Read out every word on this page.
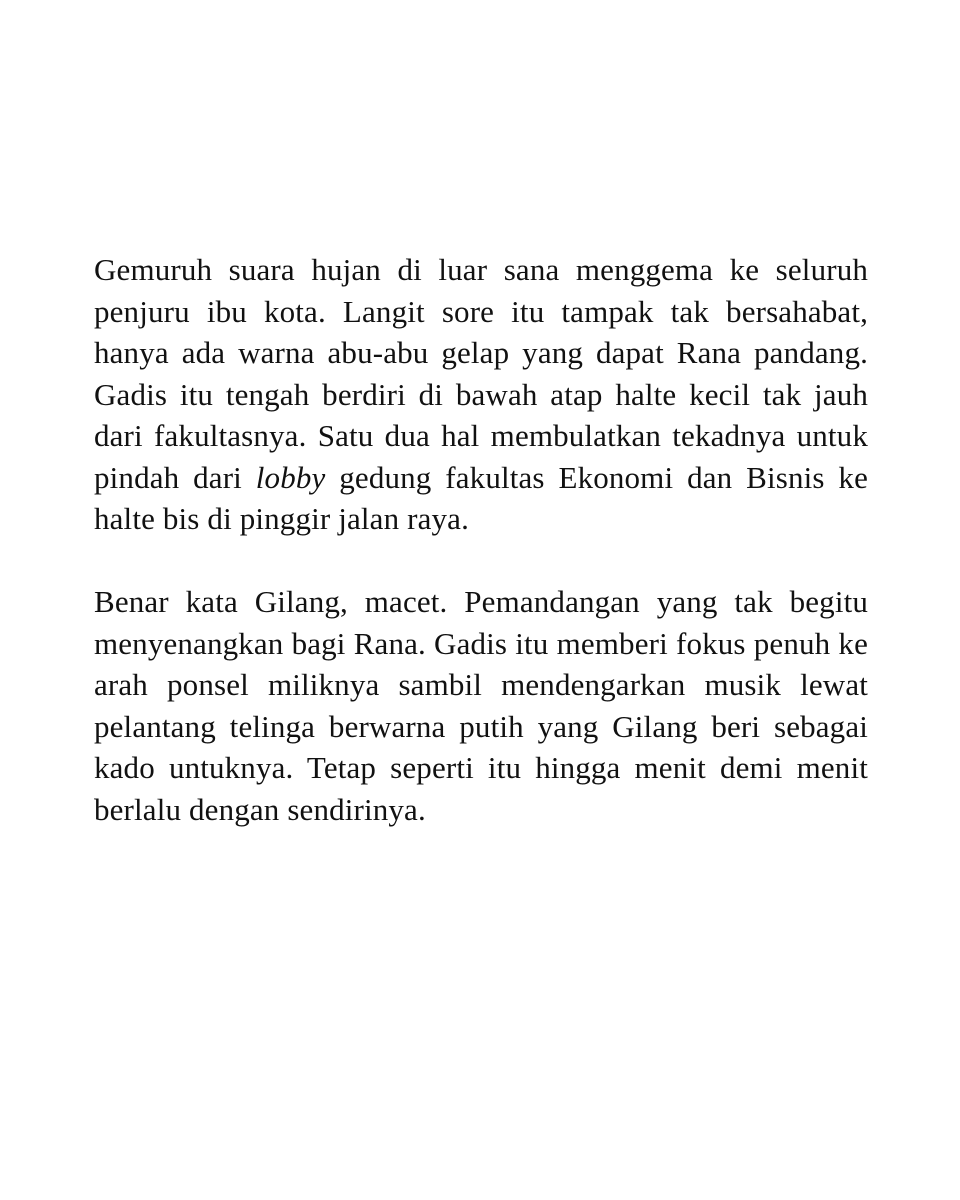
Gemuruh suara hujan di luar sana menggema ke seluruh penjuru ibu kota. Langit sore itu tampak tak bersahabat, hanya ada warna abu-abu gelap yang dapat Rana pandang. Gadis itu tengah berdiri di bawah atap halte kecil tak jauh dari fakultasnya. Satu dua hal membulatkan tekadnya untuk pindah dari lobby gedung fakultas Ekonomi dan Bisnis ke halte bis di pinggir jalan raya.

Benar kata Gilang, macet. Pemandangan yang tak begitu menyenangkan bagi Rana. Gadis itu memberi fokus penuh ke arah ponsel miliknya sambil mendengarkan musik lewat pelantang telinga berwarna putih yang Gilang beri sebagai kado untuknya. Tetap seperti itu hingga menit demi menit berlalu dengan sendirinya.
